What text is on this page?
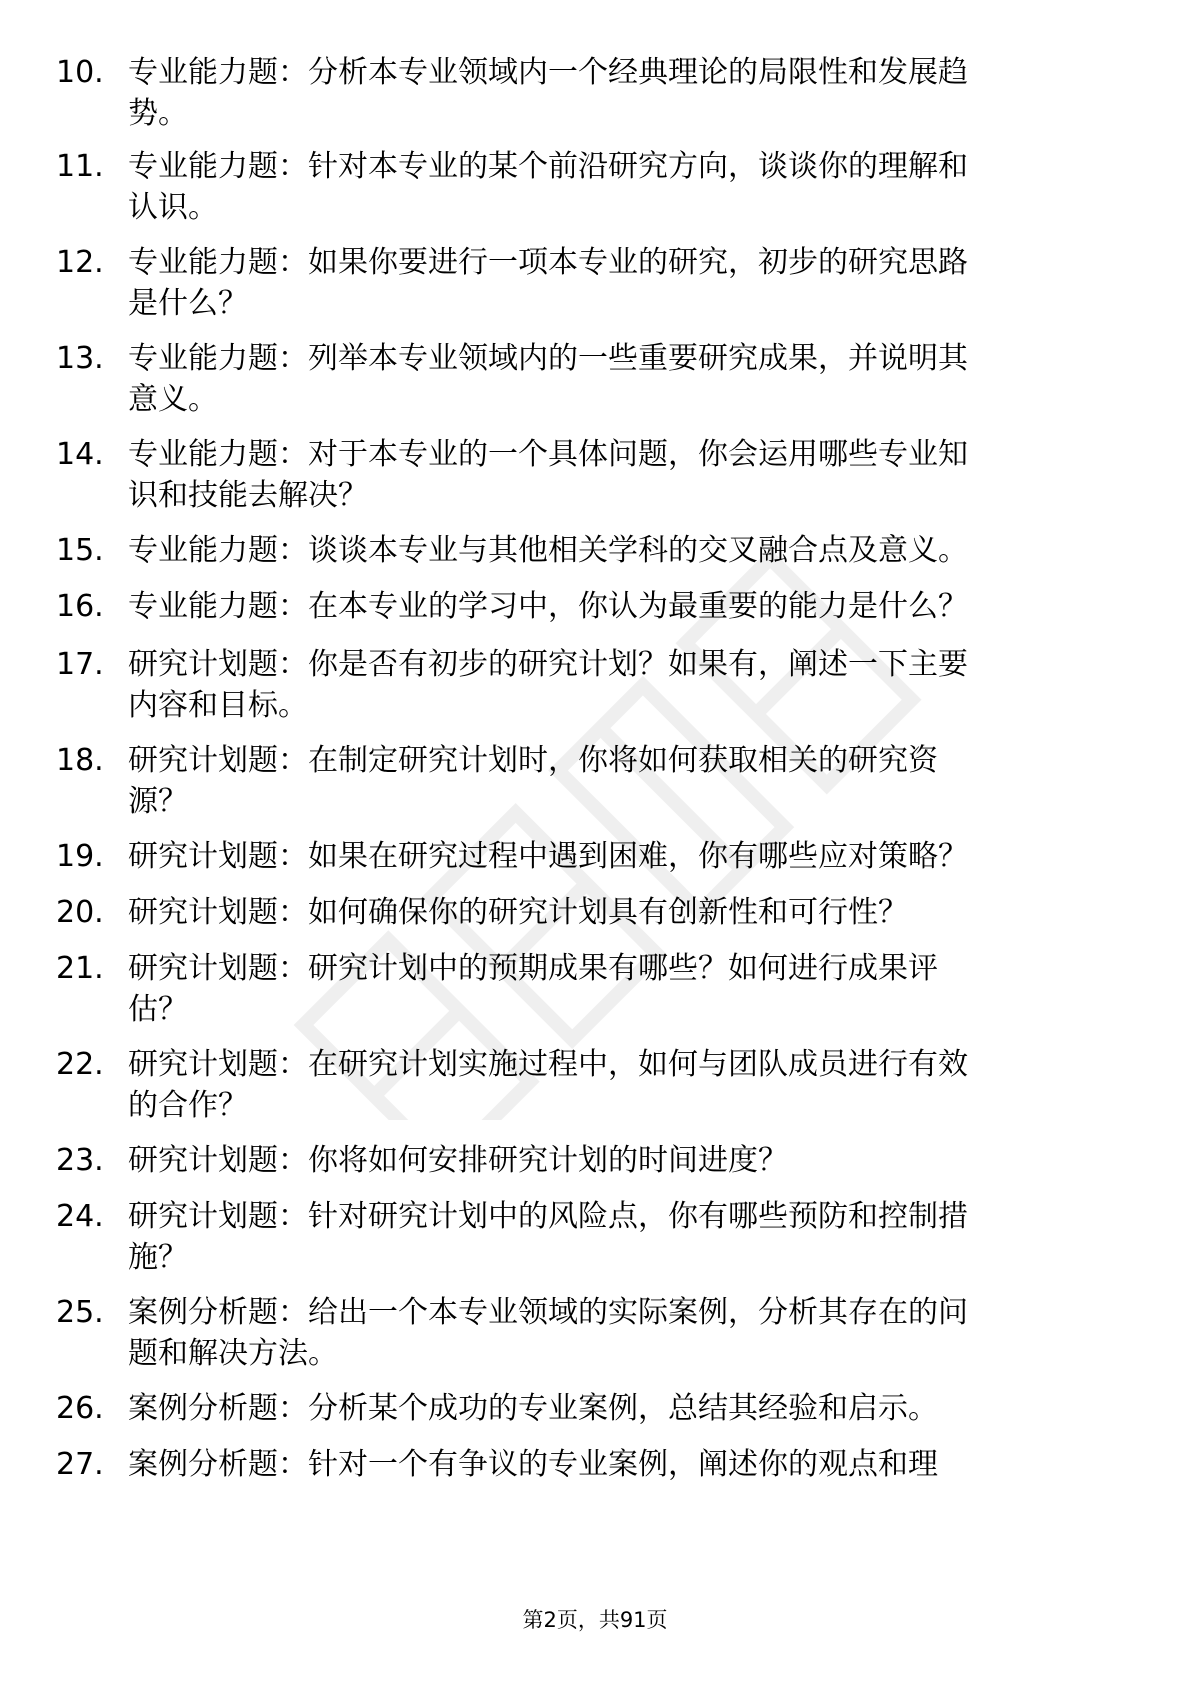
10. 专业能力题：分析本专业领域内一个经典理论的局限性和发展趋
势。
11. 专业能力题：针对本专业的某个前沿研究方向，谈谈你的理解和
认识。
12. 专业能力题：如果你要进行一项本专业的研究，初步的研究思路
是什么？
13. 专业能力题：列举本专业领域内的一些重要研究成果，并说明其
意义。
14. 专业能力题：对于本专业的一个具体问题，你会运用哪些专业知
识和技能去解决？
15. 专业能力题：谈谈本专业与其他相关学科的交叉融合点及意义。
16. 专业能力题：在本专业的学习中，你认为最重要的能力是什么？
17. 研究计划题：你是否有初步的研究计划？如果有，阐述一下主要
内容和目标。
18. 研究计划题：在制定研究计划时，你将如何获取相关的研究资
源？
19. 研究计划题：如果在研究过程中遇到困难，你有哪些应对策略？
20. 研究计划题：如何确保你的研究计划具有创新性和可行性？
21. 研究计划题：研究计划中的预期成果有哪些？如何进行成果评
估？
22. 研究计划题：在研究计划实施过程中，如何与团队成员进行有效
的合作？
23. 研究计划题：你将如何安排研究计划的时间进度？
24. 研究计划题：针对研究计划中的风险点，你有哪些预防和控制措
施？
25. 案例分析题：给出一个本专业领域的实际案例，分析其存在的问
题和解决方法。
26. 案例分析题：分析某个成功的专业案例，总结其经验和启示。
27. 案例分析题：针对一个有争议的专业案例，阐述你的观点和理
第2页，共91页
